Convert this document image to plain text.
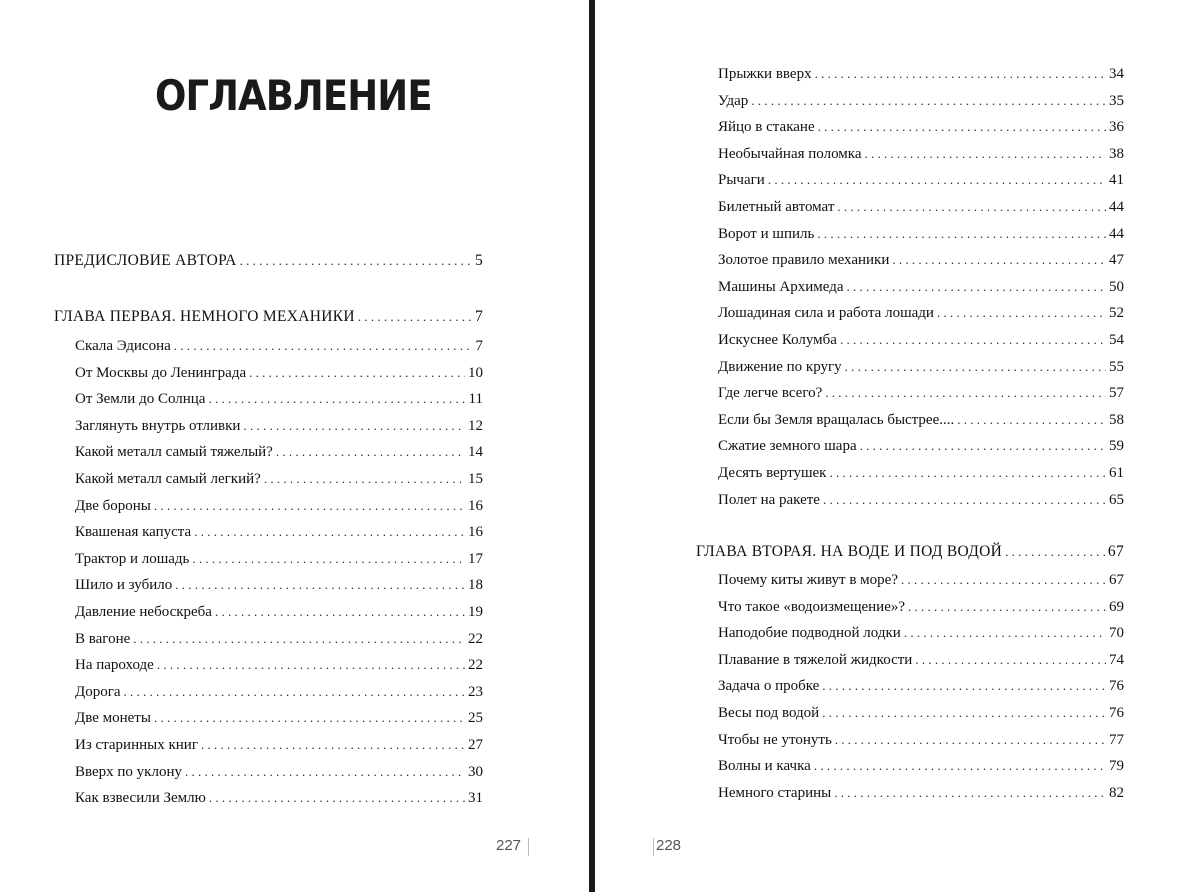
ОГЛАВЛЕНИЕ
ПРЕДИСЛОВИЕ АВТОРА . . .	5
ГЛАВА ПЕРВАЯ. НЕМНОГО МЕХАНИКИ . . .	7
Скала Эдисона . . .	7
От Москвы до Ленинграда . . .	10
От Земли до Солнца . . .	11
Заглянуть внутрь отливки . . .	12
Какой металл самый тяжелый? . . .	14
Какой металл самый легкий? . . .	15
Две бороны . . .	16
Квашеная капуста . . .	16
Трактор и лошадь . . .	17
Шило и зубило . . .	18
Давление небоскреба . . .	19
В вагоне . . .	22
На пароходе . . .	22
Дорога . . .	23
Две монеты . . .	25
Из старинных книг . . .	27
Вверх по уклону . . .	30
Как взвесили Землю . . .	31
227
Прыжки вверх . . .	34
Удар . . .	35
Яйцо в стакане . . .	36
Необычайная поломка . . .	38
Рычаги . . .	41
Билетный автомат . . .	44
Ворот и шпиль . . .	44
Золотое правило механики . . .	47
Машины Архимеда . . .	50
Лошадиная сила и работа лошади . . .	52
Искуснее Колумба . . .	54
Движение по кругу . . .	55
Где легче всего? . . .	57
Если бы Земля вращалась быстрее.... . . .	58
Сжатие земного шара . . .	59
Десять вертушек . . .	61
Полет на ракете . . .	65
ГЛАВА ВТОРАЯ. НА ВОДЕ И ПОД ВОДОЙ . . .	67
Почему киты живут в море? . . .	67
Что такое «водоизмещение»? . . .	69
Наподобие подводной лодки . . .	70
Плавание в тяжелой жидкости . . .	74
Задача о пробке . . .	76
Весы под водой . . .	76
Чтобы не утонуть . . .	77
Волны и качка . . .	79
Немного старины . . .	82
228
